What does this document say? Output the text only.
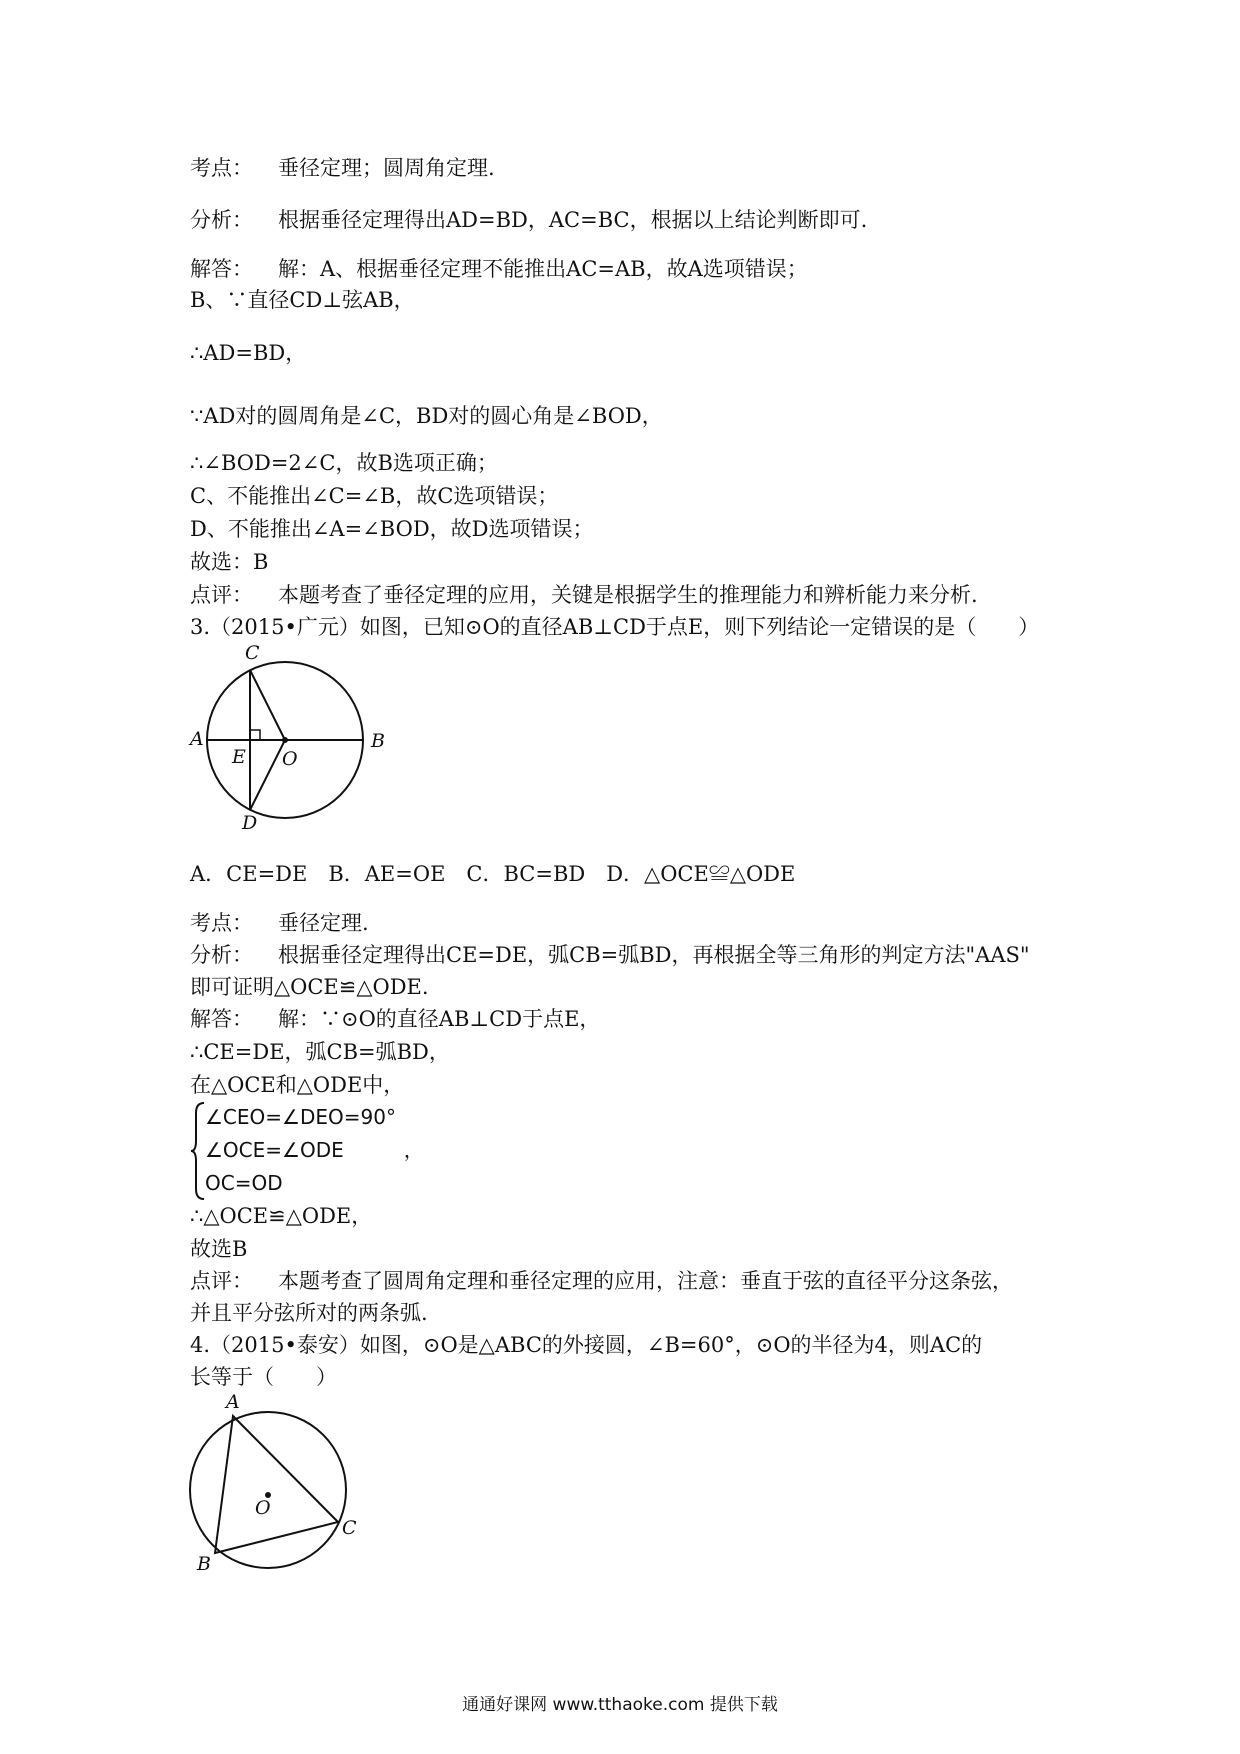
考点： 垂径定理；圆周角定理.
分析： 根据垂径定理得出AD=BD，AC=BC，根据以上结论判断即可.
解答： 解：A、根据垂径定理不能推出AC=AB，故A选项错误；
B、∵直径CD⊥弦AB，
∴AD=BD，
∵AD对的圆周角是∠C，BD对的圆心角是∠BOD，
∴∠BOD=2∠C，故B选项正确；
C、不能推出∠C=∠B，故C选项错误；
D、不能推出∠A=∠BOD，故D选项错误；
故选：B
点评： 本题考查了垂径定理的应用，关键是根据学生的推理能力和辨析能力来分析.
3.（2015•广元）如图，已知⊙O的直径AB⊥CD于点E，则下列结论一定错误的是（　　）
C
A	B
E O
D
A．CE=DE　B．AE=OE　C．BC=BD　D．△OCE≌△ODE
考点： 垂径定理.
分析： 根据垂径定理得出CE=DE，弧CB=弧BD，再根据全等三角形的判定方法"AAS"
即可证明△OCE≌△ODE.
解答： 解：∵⊙O的直径AB⊥CD于点E，
∴CE=DE，弧CB=弧BD，
在△OCE和△ODE中，
∠CEO=∠DEO=90°
∠OCE=∠ODE　　　，
OC=OD
∴△OCE≌△ODE，
故选B
点评： 本题考查了圆周角定理和垂径定理的应用，注意：垂直于弦的直径平分这条弦，
并且平分弦所对的两条弧.
4.（2015•泰安）如图，⊙O是△ABC的外接圆，∠B=60°，⊙O的半径为4，则AC的
长等于（　　）
A
C
B
O
通通好课网 www.tthaoke.com 提供下载
